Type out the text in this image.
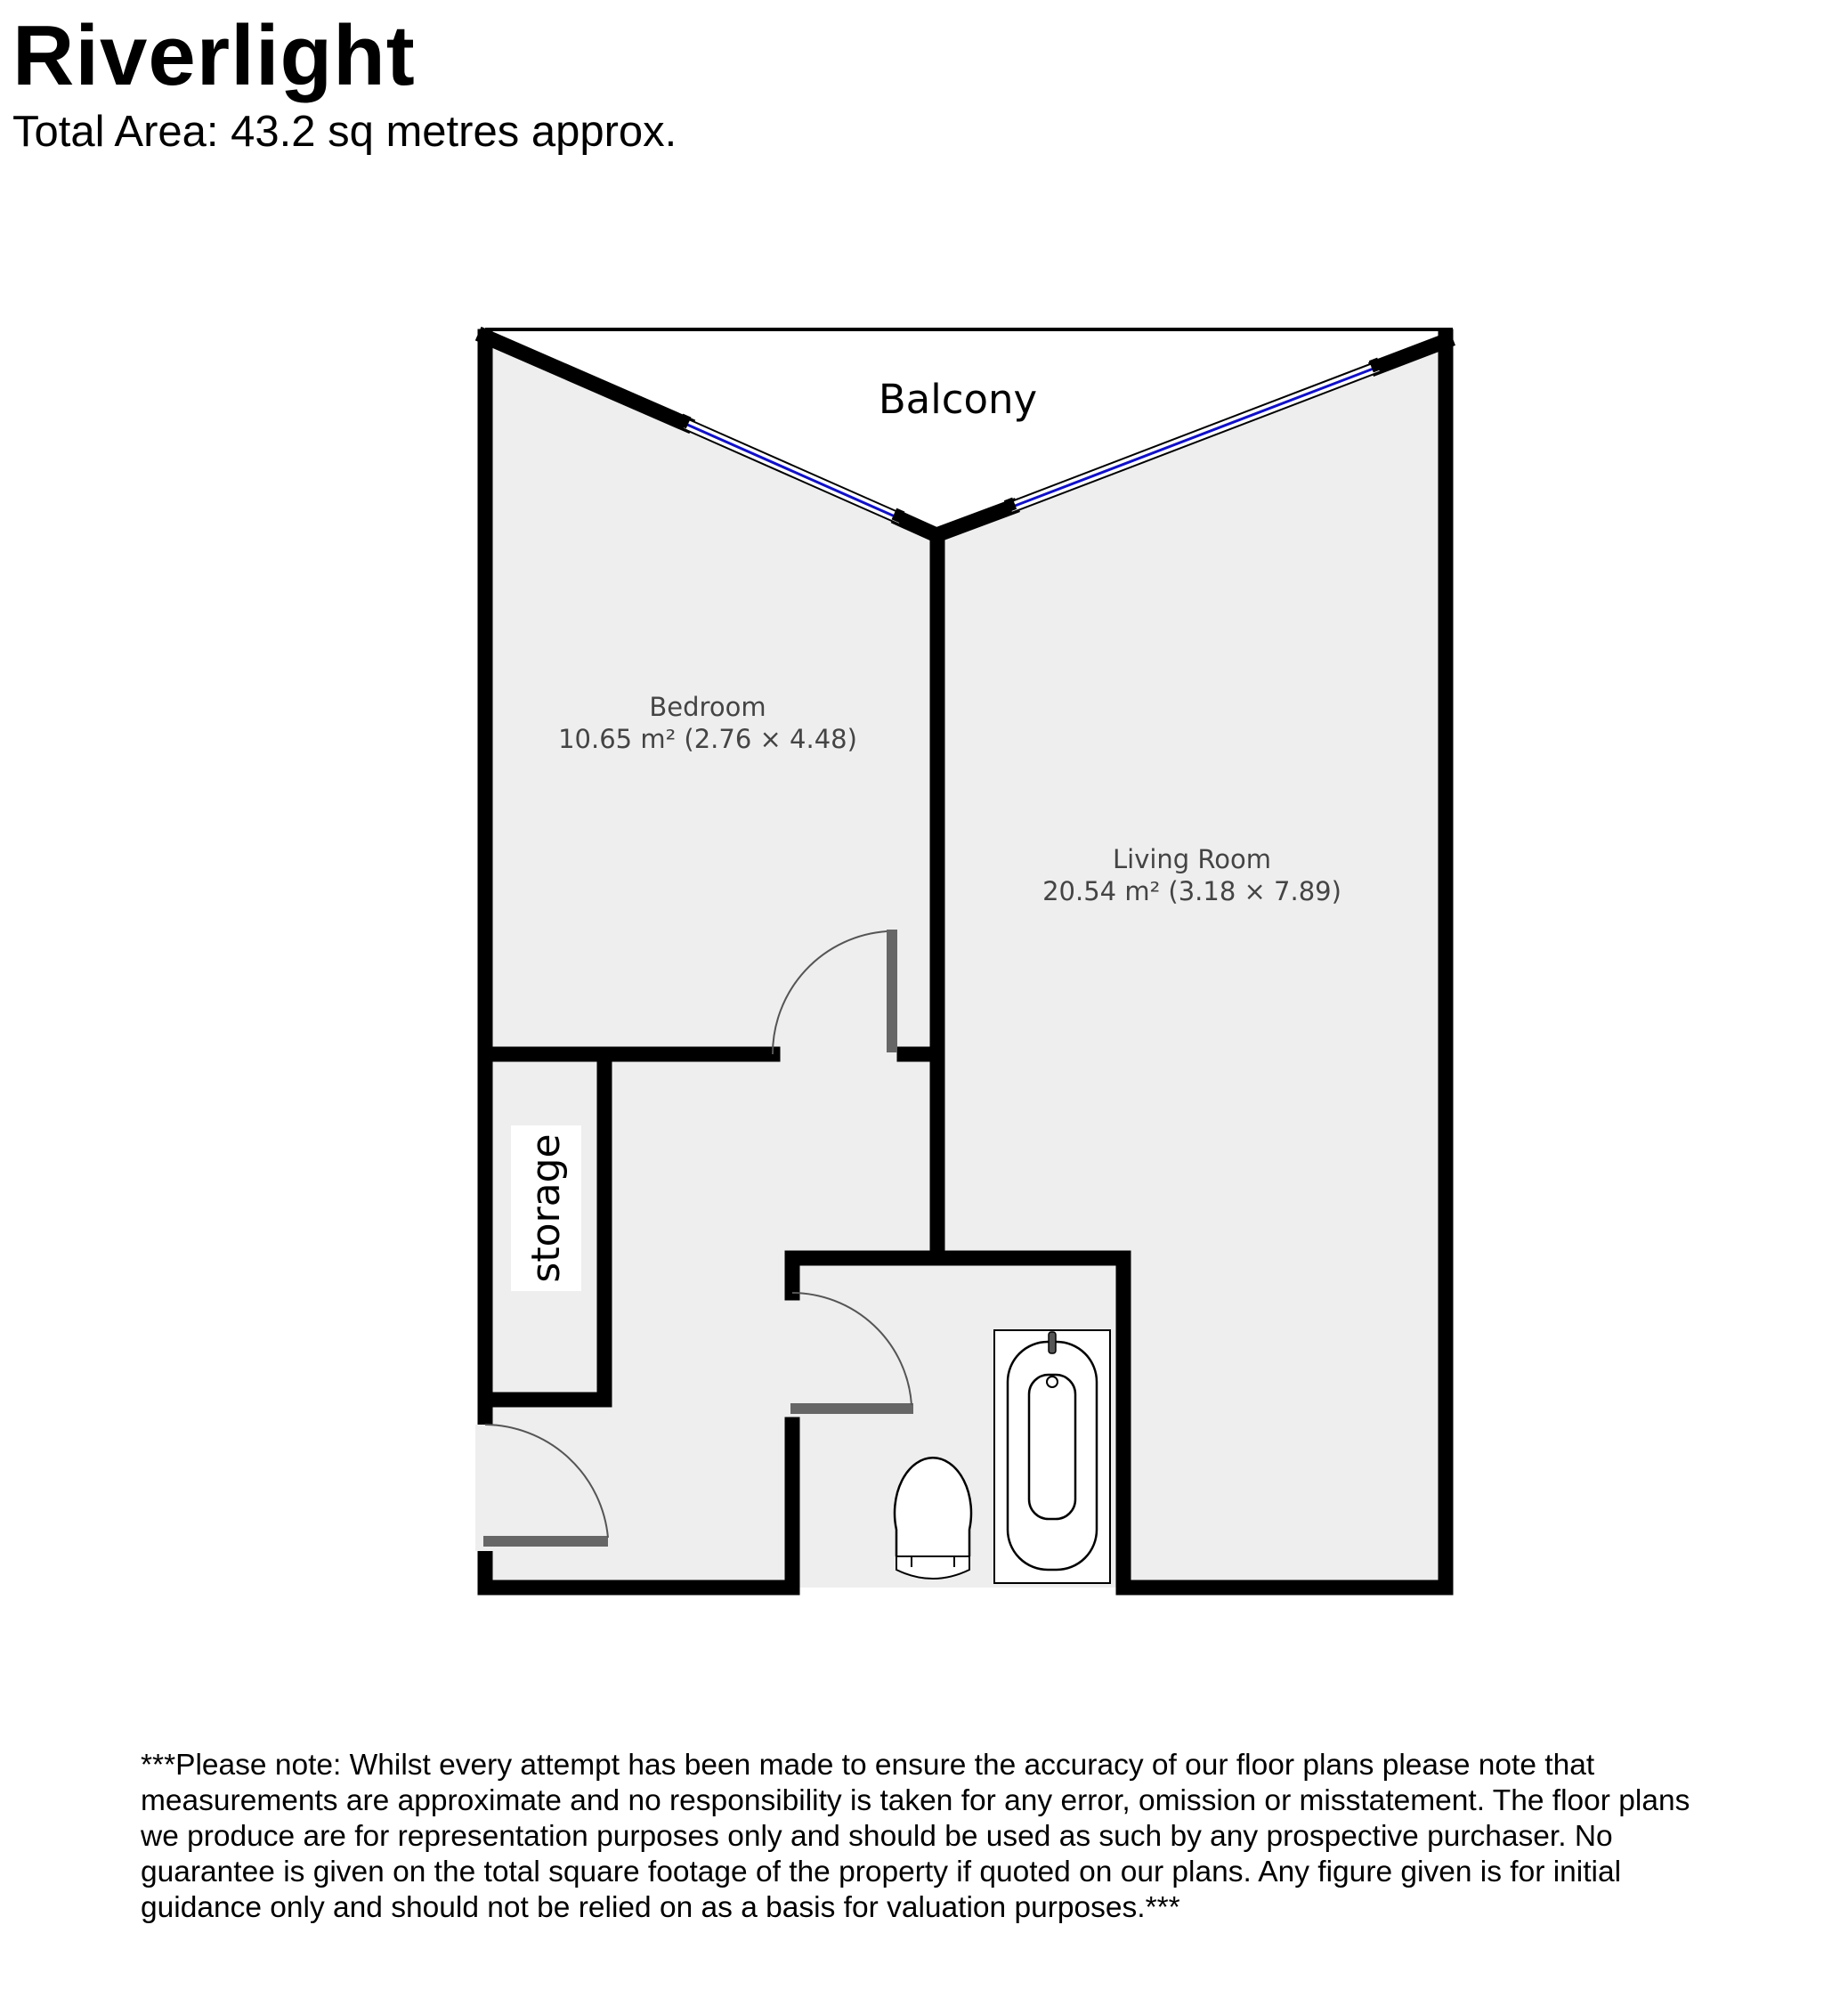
Riverlight
Total Area: 43.2 sq metres approx.
Balcony
Bedroom
10.65 m² (2.76 × 4.48)
Living Room
20.54 m² (3.18 × 7.89)
storage
***Please note: Whilst every attempt has been made to ensure the accuracy of our floor plans please note that
measurements are approximate and no responsibility is taken for any error, omission or misstatement. The floor plans
we produce are for representation purposes only and should be used as such by any prospective purchaser. No
guarantee is given on the total square footage of the property if quoted on our plans. Any figure given is for initial
guidance only and should not be relied on as a basis for valuation purposes.***
